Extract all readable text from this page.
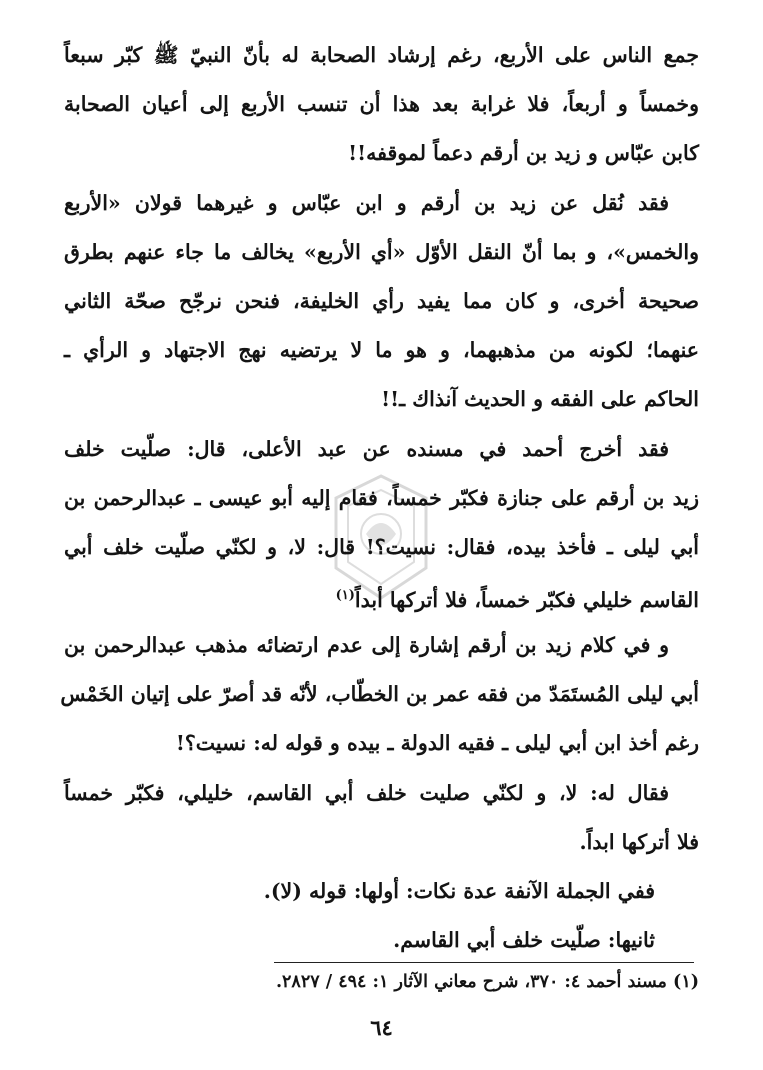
جمع الناس على الأربع، رغم إرشاد الصحابة له بأنّ النبيّ ﷺ كبّر سبعاً
وخمساً و أربعاً، فلا غرابة بعد هذا أن تنسب الأربع إلى أعيان الصحابة
كابن عبّاس و زيد بن أرقم دعماً لموقفه!!
فقد نُقل عن زيد بن أرقم و ابن عبّاس و غيرهما قولان «الأربع
والخمس»، و بما أنّ النقل الأوّل «أي الأربع» يخالف ما جاء عنهم بطرق
صحيحة أخرى، و كان مما يفيد رأي الخليفة، فنحن نرجّح صحّة الثاني
عنهما؛ لكونه من مذهبهما، و هو ما لا يرتضيه نهج الاجتهاد و الرأي ـ
الحاكم على الفقه و الحديث آنذاك ـ!!
فقد أخرج أحمد في مسنده عن عبد الأعلى، قال: صلّيت خلف
زيد بن أرقم على جنازة فكبّر خمساً، فقام إليه أبو عيسى ـ عبدالرحمن بن
أبي ليلى ـ فأخذ بيده، فقال: نسيت؟! قال: لا، و لكنّي صلّيت خلف أبي
القاسم خليلي فكبّر خمساً، فلا أتركها أبداً$^{(١)}$
و في كلام زيد بن أرقم إشارة إلى عدم ارتضائه مذهب عبدالرحمن بن
أبي ليلى المُستَمَدّ من فقه عمر بن الخطّاب، لأنّه قد أصرّ على إتيان الخَمْس
رغم أخذ ابن أبي ليلى ـ فقيه الدولة ـ بيده و قوله له: نسيت؟!
فقال له: لا، و لكنّي صليت خلف أبي القاسم، خليلي، فكبّر خمساً
فلا أتركها ابداً.
ففي الجملة الآنفة عدة نكات: أولها: قوله (لا).
ثانيها: صلّيت خلف أبي القاسم.
(١) مسند أحمد ٤: ٣٧٠، شرح معاني الآثار ١: ٤٩٤ / ٢٨٢٧.
٦٤
